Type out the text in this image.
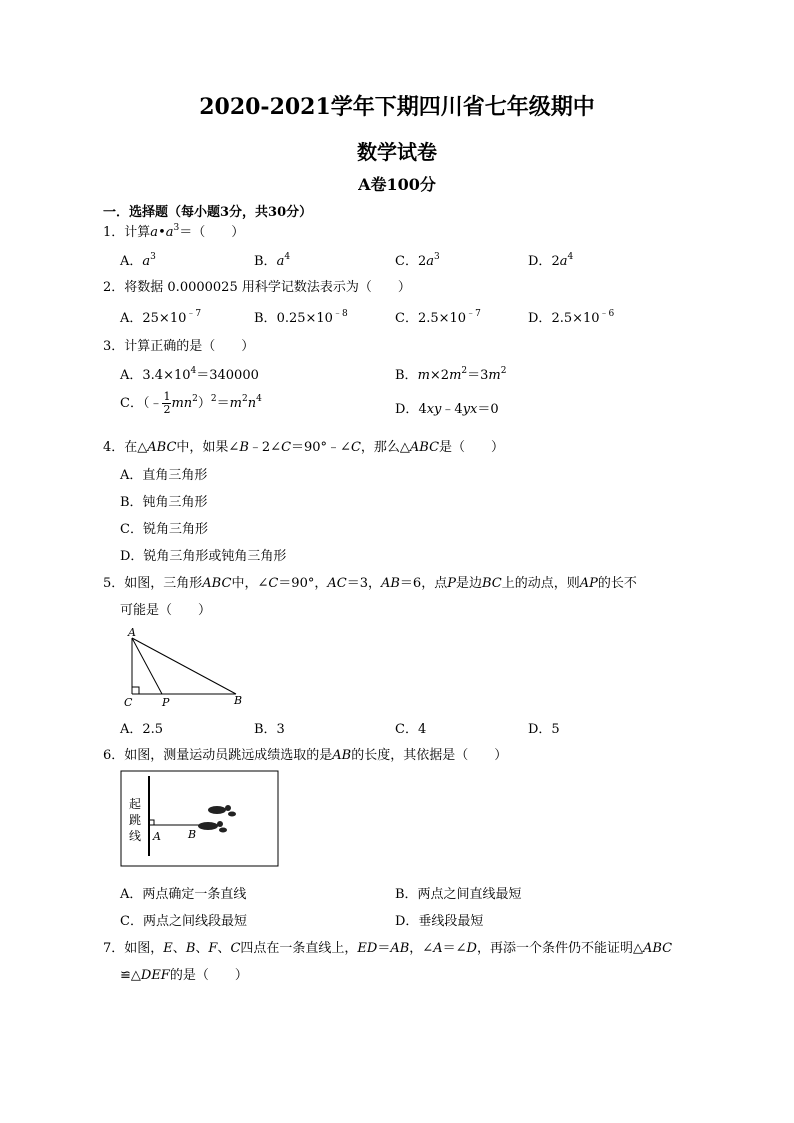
2020-2021学年下期四川省七年级期中
数学试卷
A卷100分
一．选择题（每小题3分，共30分）
1．计算$a•a^3=$（　　）
A．$a^3$	B．$a^4$	C．$2a^3$	D．$2a^4$
2．将数据 0.0000025 用科学记数法表示为（　　）
A．$25\times 10^{﹣7}$	B．$0.25\times 10^{﹣8}$	C．$2.5\times 10^{﹣7}$	D．$2.5\times 10^{﹣6}$
3．计算正确的是（　　）
A．$3.4\times 10^4=340000$	B．$m\times 2m^2=3m^2$
C．（﹣ $\frac{1}{2} mn^2)^2=m^2n^4$
D．4xy﹣4yx＝0
4．在△ABC中，如果∠B﹣2∠C＝90°﹣∠C，那么△ABC是（　　）
A．直角三角形
B．钝角三角形
C．锐角三角形
D．锐角三角形或钝角三角形
5．如图，三角形ABC中，∠C＝90°，AC＝3，AB＝6，点P是边BC上的动点，则AP的长不
可能是（　　）
A
C	P	B
A．2.5	B．3	C．4	D．5
6．如图，测量运动员跳远成绩选取的是AB的长度，其依据是（　　）
起
跳
线 A B
A．两点确定一条直线	B．两点之间直线最短
C．两点之间线段最短	D．垂线段最短
7．如图，E、B、F、C四点在一条直线上，ED＝AB，∠A＝∠D，再添一个条件仍不能证明△ABC
≌△DEF的是（　　）
